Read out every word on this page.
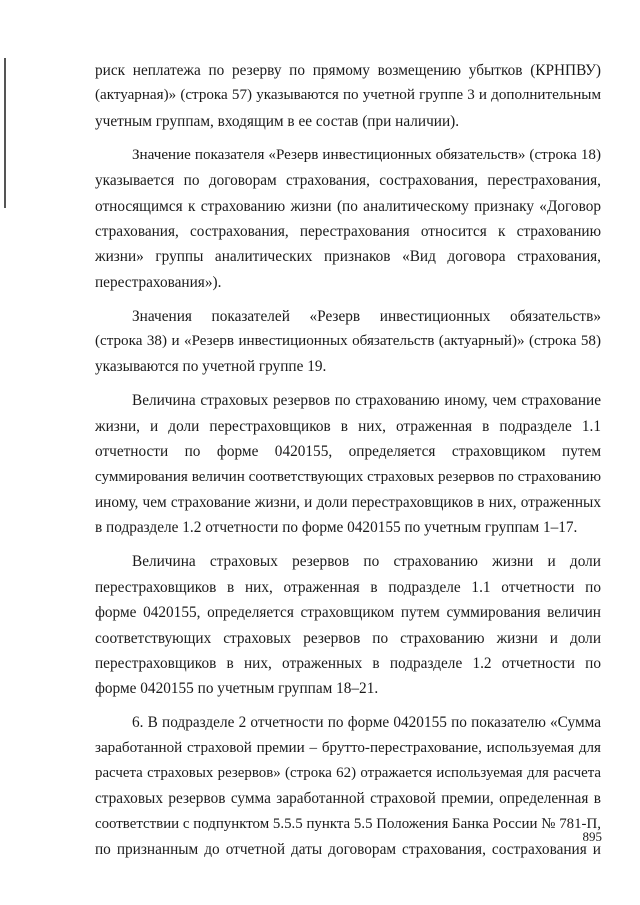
риск неплатежа по резерву по прямому возмещению убытков (КРНПВУ)
(актуарная)» (строка 57) указываются по учетной группе 3 и дополнительным
учетным группам, входящим в ее состав (при наличии).
Значение показателя «Резерв инвестиционных обязательств» (строка 18)
указывается по договорам страхования, сострахования, перестрахования,
относящимся к страхованию жизни (по аналитическому признаку «Договор
страхования, сострахования, перестрахования относится к страхованию
жизни» группы аналитических признаков «Вид договора страхования,
перестрахования»).
Значения показателей «Резерв инвестиционных обязательств»
(строка 38) и «Резерв инвестиционных обязательств (актуарный)» (строка 58)
указываются по учетной группе 19.
Величина страховых резервов по страхованию иному, чем страхование
жизни, и доли перестраховщиков в них, отраженная в подразделе 1.1
отчетности по форме 0420155, определяется страховщиком путем
суммирования величин соответствующих страховых резервов по страхованию
иному, чем страхование жизни, и доли перестраховщиков в них, отраженных
в подразделе 1.2 отчетности по форме 0420155 по учетным группам 1–17.
Величина страховых резервов по страхованию жизни и доли
перестраховщиков в них, отраженная в подразделе 1.1 отчетности по
форме 0420155, определяется страховщиком путем суммирования величин
соответствующих страховых резервов по страхованию жизни и доли
перестраховщиков в них, отраженных в подразделе 1.2 отчетности по
форме 0420155 по учетным группам 18–21.
6. В подразделе 2 отчетности по форме 0420155 по показателю «Сумма
заработанной страховой премии – брутто-перестрахование, используемая для
расчета страховых резервов» (строка 62) отражается используемая для расчета
страховых резервов сумма заработанной страховой премии, определенная в
соответствии с подпунктом 5.5.5 пункта 5.5 Положения Банка России № 781-П,
по признанным до отчетной даты договорам страхования, сострахования и
895
